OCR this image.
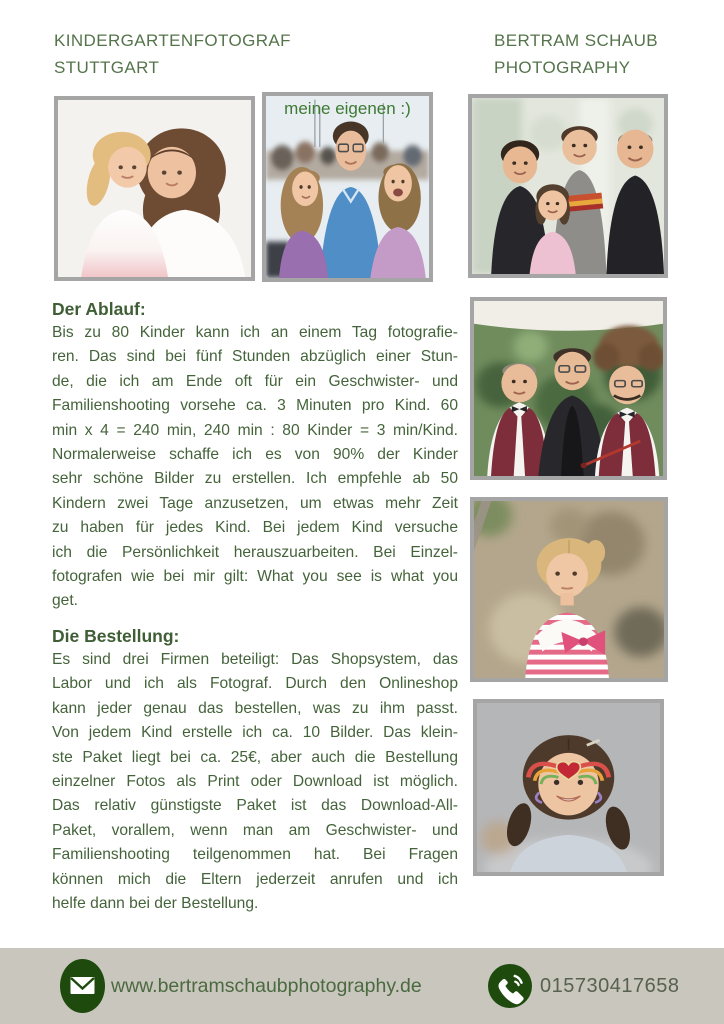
KINDERGARTENFOTOGRAF
STUTTGART
BERTRAM SCHAUB
PHOTOGRAPHY
meine eigenen :)
Der Ablauf:
Bis zu 80 Kinder kann ich an einem Tag fotografie-
ren. Das sind bei fünf Stunden abzüglich einer Stun-
de, die ich am Ende oft für ein Geschwister- und
Familienshooting vorsehe ca. 3 Minuten pro Kind. 60
min x 4 = 240 min, 240 min : 80 Kinder = 3 min/Kind.
Normalerweise schaffe ich es von 90% der Kinder
sehr schöne Bilder zu erstellen. Ich empfehle ab 50
Kindern zwei Tage anzusetzen, um etwas mehr Zeit
zu haben für jedes Kind. Bei jedem Kind versuche
ich die Persönlichkeit herauszuarbeiten. Bei Einzel-
fotografen wie bei mir gilt: What you see is what you
get.
Die Bestellung:
Es sind drei Firmen beteiligt: Das Shopsystem, das
Labor und ich als Fotograf. Durch den Onlineshop
kann jeder genau das bestellen, was zu ihm passt.
Von jedem Kind erstelle ich ca. 10 Bilder. Das klein-
ste Paket liegt bei ca. 25€, aber auch die Bestellung
einzelner Fotos als Print oder Download ist möglich.
Das relativ günstigste Paket ist das Download-All-
Paket, vorallem, wenn man am Geschwister- und
Familienshooting teilgenommen hat. Bei Fragen
können mich die Eltern jederzeit anrufen und ich
helfe dann bei der Bestellung.
www.bertramschaubphotography.de	015730417658
